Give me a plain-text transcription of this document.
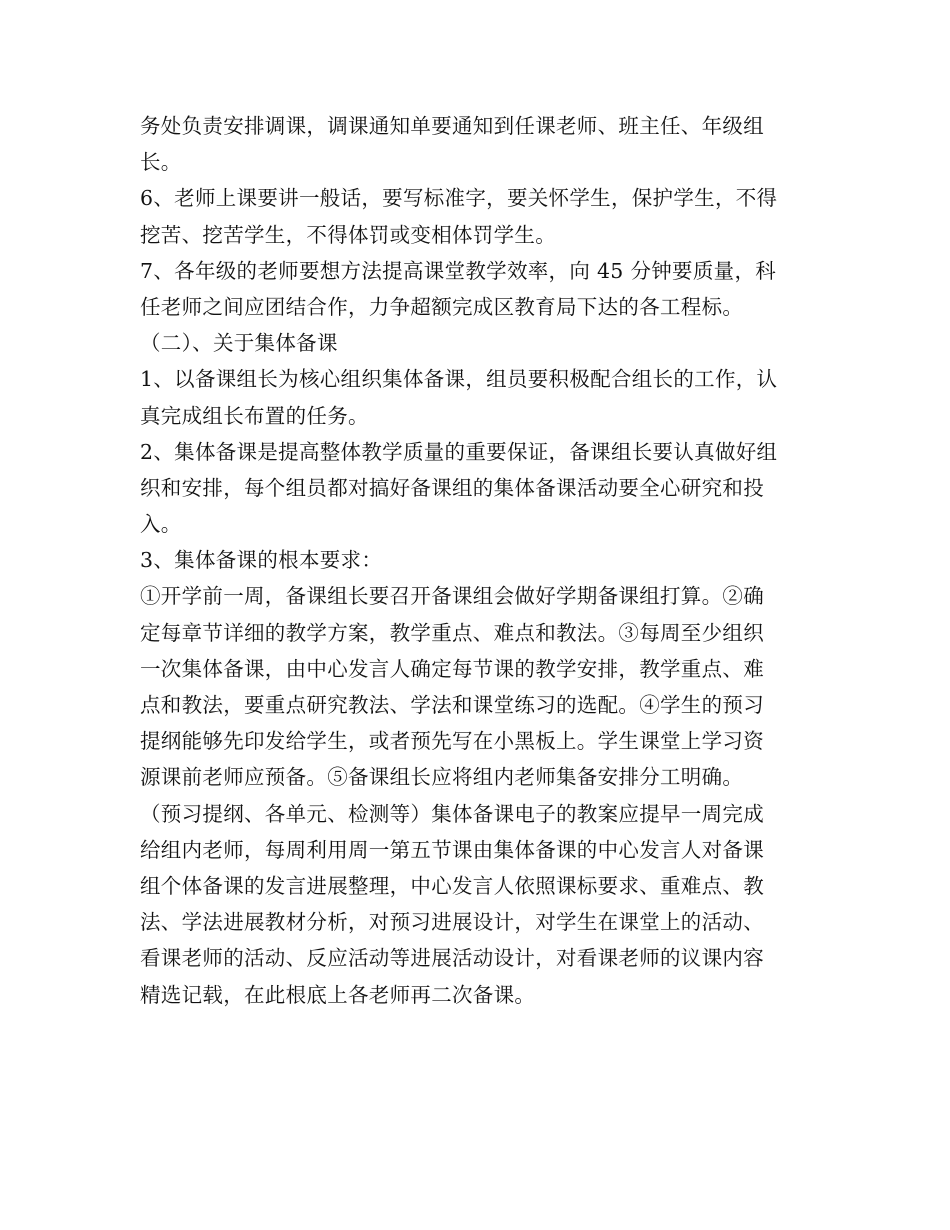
务处负责安排调课，调课通知单要通知到任课老师、班主任、年级组
长。
6、老师上课要讲一般话，要写标准字，要关怀学生，保护学生，不得
挖苦、挖苦学生，不得体罚或变相体罚学生。
7、各年级的老师要想方法提高课堂教学效率，向 45 分钟要质量，科
任老师之间应团结合作，力争超额完成区教育局下达的各工程标。
（二）、关于集体备课
1、以备课组长为核心组织集体备课，组员要积极配合组长的工作，认
真完成组长布置的任务。
2、集体备课是提高整体教学质量的重要保证，备课组长要认真做好组
织和安排，每个组员都对搞好备课组的集体备课活动要全心研究和投
入。
3、集体备课的根本要求：
①开学前一周，备课组长要召开备课组会做好学期备课组打算。②确
定每章节详细的教学方案，教学重点、难点和教法。③每周至少组织
一次集体备课，由中心发言人确定每节课的教学安排，教学重点、难
点和教法，要重点研究教法、学法和课堂练习的选配。④学生的预习
提纲能够先印发给学生，或者预先写在小黑板上。学生课堂上学习资
源课前老师应预备。⑤备课组长应将组内老师集备安排分工明确。
（预习提纲、各单元、检测等）集体备课电子的教案应提早一周完成
给组内老师，每周利用周一第五节课由集体备课的中心发言人对备课
组个体备课的发言进展整理，中心发言人依照课标要求、重难点、教
法、学法进展教材分析，对预习进展设计，对学生在课堂上的活动、
看课老师的活动、反应活动等进展活动设计，对看课老师的议课内容
精选记载，在此根底上各老师再二次备课。
